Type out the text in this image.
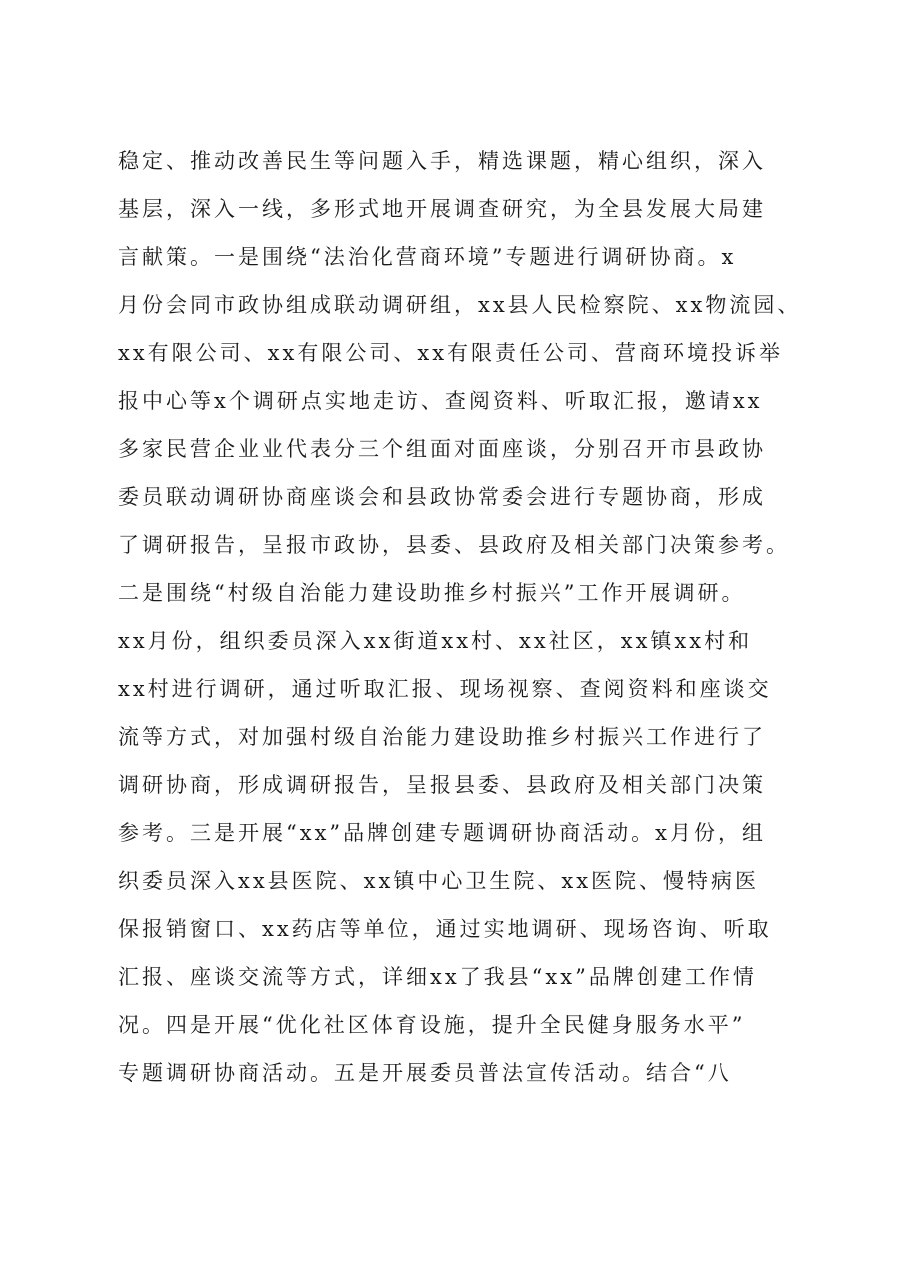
稳定、推动改善民生等问题入手，精选课题，精心组织，深入
基层，深入一线，多形式地开展调查研究，为全县发展大局建
言献策。一是围绕“法治化营商环境”专题进行调研协商。x
月份会同市政协组成联动调研组，xx县人民检察院、xx物流园、
xx有限公司、xx有限公司、xx有限责任公司、营商环境投诉举
报中心等x个调研点实地走访、查阅资料、听取汇报，邀请xx
多家民营企业业代表分三个组面对面座谈，分别召开市县政协
委员联动调研协商座谈会和县政协常委会进行专题协商，形成
了调研报告，呈报市政协，县委、县政府及相关部门决策参考。
二是围绕“村级自治能力建设助推乡村振兴”工作开展调研。
xx月份，组织委员深入xx街道xx村、xx社区，xx镇xx村和
xx村进行调研，通过听取汇报、现场视察、查阅资料和座谈交
流等方式，对加强村级自治能力建设助推乡村振兴工作进行了
调研协商，形成调研报告，呈报县委、县政府及相关部门决策
参考。三是开展“xx”品牌创建专题调研协商活动。x月份，组
织委员深入xx县医院、xx镇中心卫生院、xx医院、慢特病医
保报销窗口、xx药店等单位，通过实地调研、现场咨询、听取
汇报、座谈交流等方式，详细xx了我县“xx”品牌创建工作情
况。四是开展“优化社区体育设施，提升全民健身服务水平”
专题调研协商活动。五是开展委员普法宣传活动。结合“八
